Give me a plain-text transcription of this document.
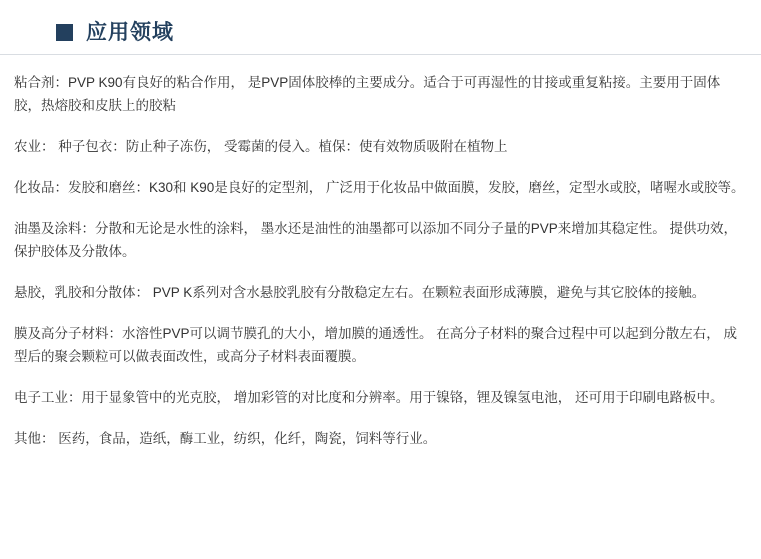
应用领域

粘合剂：PVP K90有良好的粘合作用， 是PVP固体胶棒的主要成分。适合于可再湿性的甘接或重复粘接。主要用于固体胶，热熔胶和皮肤上的胶粘

农业： 种子包衣：防止种子冻伤， 受霉菌的侵入。植保：使有效物质吸附在植物上

化妆品：发胶和磨丝：K30和 K90是良好的定型剂， 广泛用于化妆品中做面膜，发胶，磨丝，定型水或胶，啫喔水或胶等。

油墨及涂料：分散和无论是水性的涂料， 墨水还是油性的油墨都可以添加不同分子量的PVP来增加其稳定性。 提供功效， 保护胶体及分散体。

悬胶，乳胶和分散体： PVP K系列对含水悬胶乳胶有分散稳定左右。在颗粒表面形成薄膜，避免与其它胶体的接触。

膜及高分子材料：水溶性PVP可以调节膜孔的大小，增加膜的通透性。 在高分子材料的聚合过程中可以起到分散左右， 成型后的聚会颗粒可以做表面改性，或高分子材料表面覆膜。

电子工业：用于显象管中的光克胶， 增加彩管的对比度和分辨率。用于镍铬，锂及镍氢电池， 还可用于印刷电路板中。

其他： 医药，食品，造纸，酶工业，纺织，化纤，陶瓷，饲料等行业。
